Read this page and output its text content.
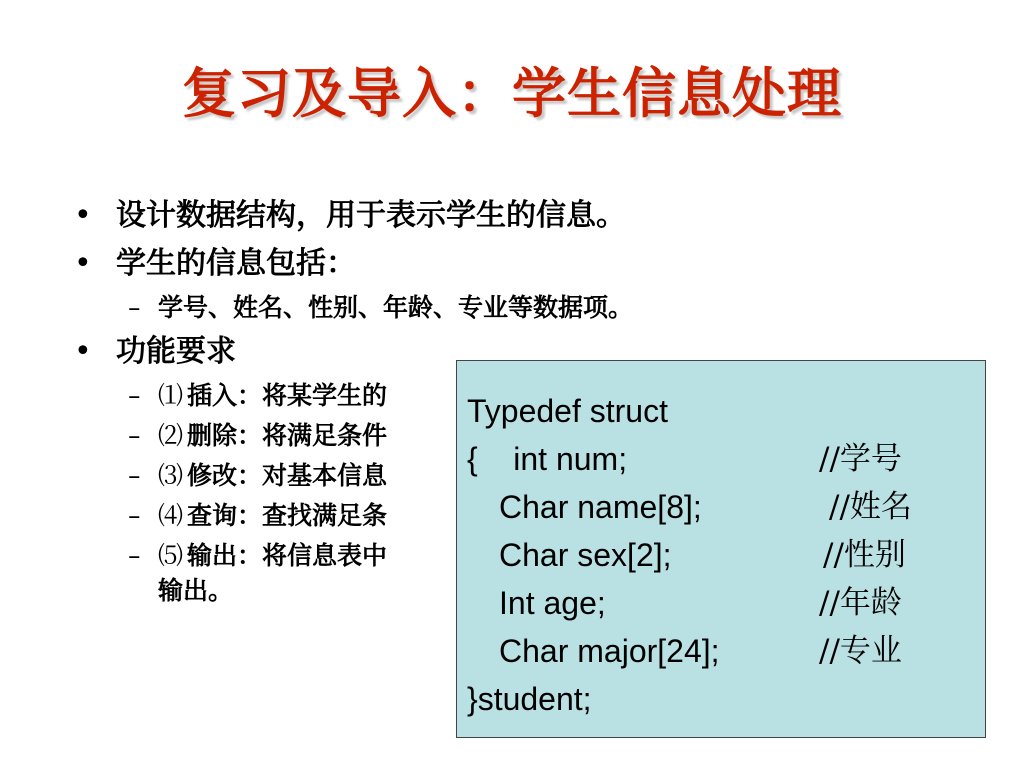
复习及导入：学生信息处理
• 设计数据结构，用于表示学生的信息。
• 学生的信息包括：
– 学号、姓名、性别、年龄、专业等数据项。
• 功能要求
– ⑴ 插入：将某学生的
– ⑵ 删除：将满足条件
– ⑶ 修改：对基本信息
– ⑷ 查询：查找满足条
– ⑸ 输出：将信息表中
输出。
Typedef struct
{    int num;	//学号
Char name[8];	//姓名
Char sex[2];	//性别
Int age;	//年龄
Char major[24];	//专业
}student;
